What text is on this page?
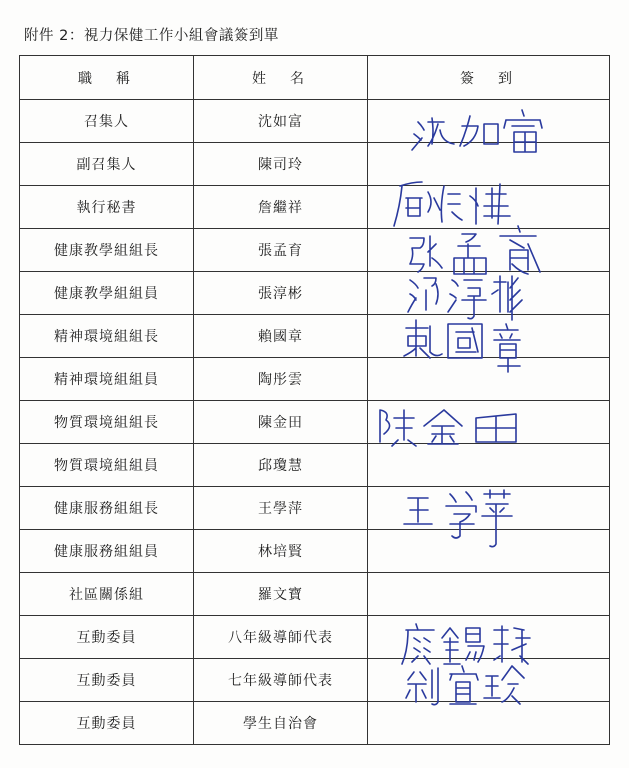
附件 2：視力保健工作小組會議簽到單
職　稱	姓　名	簽　到
召集人	沈如富	
副召集人	陳司玲	
執行秘書	詹繼祥	
健康教學組組長	張孟育	
健康教學組組員	張淳彬	
精神環境組組長	賴國章	
精神環境組組員	陶彤雲	
物質環境組組長	陳金田	
物質環境組組員	邱瓊慧	
健康服務組組長	王學萍	
健康服務組組員	林培賢	
社區關係組	羅文寶	
互動委員	八年級導師代表	
互動委員	七年級導師代表	
互動委員	學生自治會	
